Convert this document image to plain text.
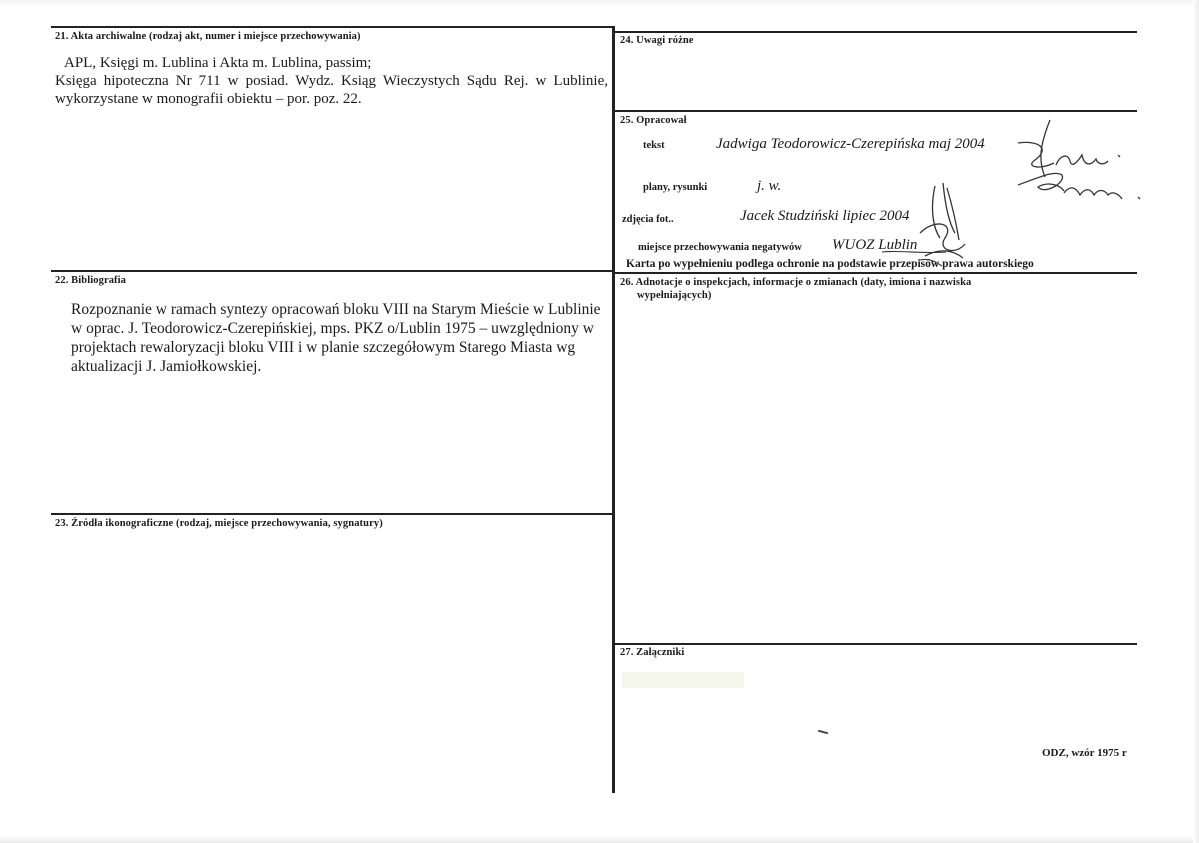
21. Akta archiwalne (rodzaj akt, numer i miejsce przechowywania)
APL, Księgi m. Lublina i Akta m. Lublina, passim;
Księga hipoteczna Nr 711 w posiad. Wydz. Ksiąg Wieczystych Sądu Rej. w Lublinie,
wykorzystane w monografii obiektu – por. poz. 22.
22. Bibliografia
Rozpoznanie w ramach syntezy opracowań bloku VIII na Starym Mieście w Lublinie
w oprac. J. Teodorowicz-Czerepińskiej, mps. PKZ o/Lublin 1975 – uwzględniony w
projektach rewaloryzacji bloku VIII i w planie szczegółowym Starego Miasta wg
aktualizacji J. Jamiołkowskiej.
23. Źródła ikonograficzne (rodzaj, miejsce przechowywania, sygnatury)
24. Uwagi różne
25. Opracował
tekst	Jadwiga Teodorowicz-Czerepińska maj 2004
plany, rysunki	j. w.
zdjęcia fot..	Jacek Studziński lipiec 2004
miejsce przechowywania negatywów WUOZ Lublin
Karta po wypełnieniu podlega ochronie na podstawie przepisów prawa autorskiego
26. Adnotacje o inspekcjach, informacje o zmianach (daty, imiona i nazwiska
wypełniających)
27. Załączniki
ODZ, wzór 1975 r
